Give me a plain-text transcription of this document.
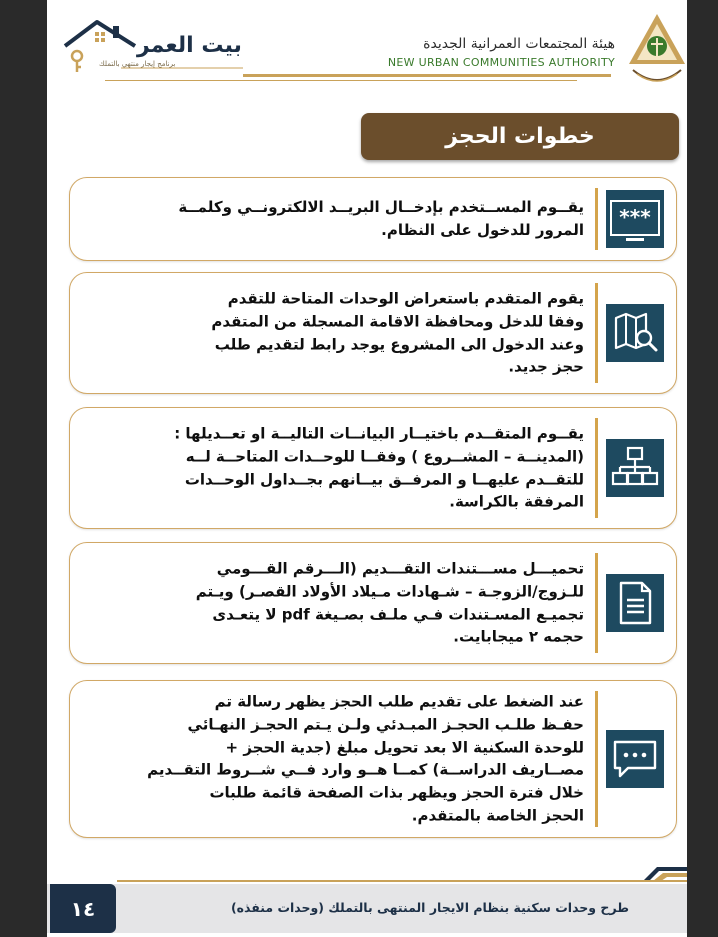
هيئة المجتمعات العمرانية الجديدة
NEW URBAN COMMUNITIES AUTHORITY
بيت العمر
برنامج إيجار منتهي بالتملك
خطوات الحجز
***

يقــوم المســتخدم بإدخــال البريــد الالكترونــي وكلمــة

المرور للدخول على النظام.

يقوم المتقدم باستعراض الوحدات المتاحة للتقدم

وفقا للدخل ومحافظة الاقامة المسجلة من المتقدم

وعند الدخول الى المشروع يوجد رابط لتقديم طلب

حجز جديد.

يقــوم المتقــدم باختيــار البيانــات التاليــة او تعــديلها :

(المدينــة – المشــروع ) وفقــا للوحــدات المتاحــة لــه

للتقــدم عليهــا و المرفــق بيــانهم بجــداول الوحــدات

المرفقة بالكراسة.

تحميـــل مســـتندات التقـــديم (الـــرقم القـــومي

للـزوج/الزوجـة – شـهادات مـيلاد الأولاد القصـر) ويـتم

تجميـع المسـتندات فـي ملـف بصـيغة pdf لا يتعـدى

حجمه ٢ ميجابايت.

عند الضغط على تقديم طلب الحجز يظهر رسالة تم

حفـظ طلـب الحجـز المبـدئي ولـن يـتم الحجـز النهـائي

للوحدة السكنية الا بعد تحويل مبلغ (جدية الحجز +

مصــاريف الدراســة) كمــا هــو وارد فــي شــروط التقــديم

خلال فترة الحجز ويظهر بذات الصفحة قائمة طلبات

الحجز الخاصة بالمتقدم.

١٤	طرح وحدات سكنية بنظام الايجار المنتهى بالتملك (وحدات منفذه)
